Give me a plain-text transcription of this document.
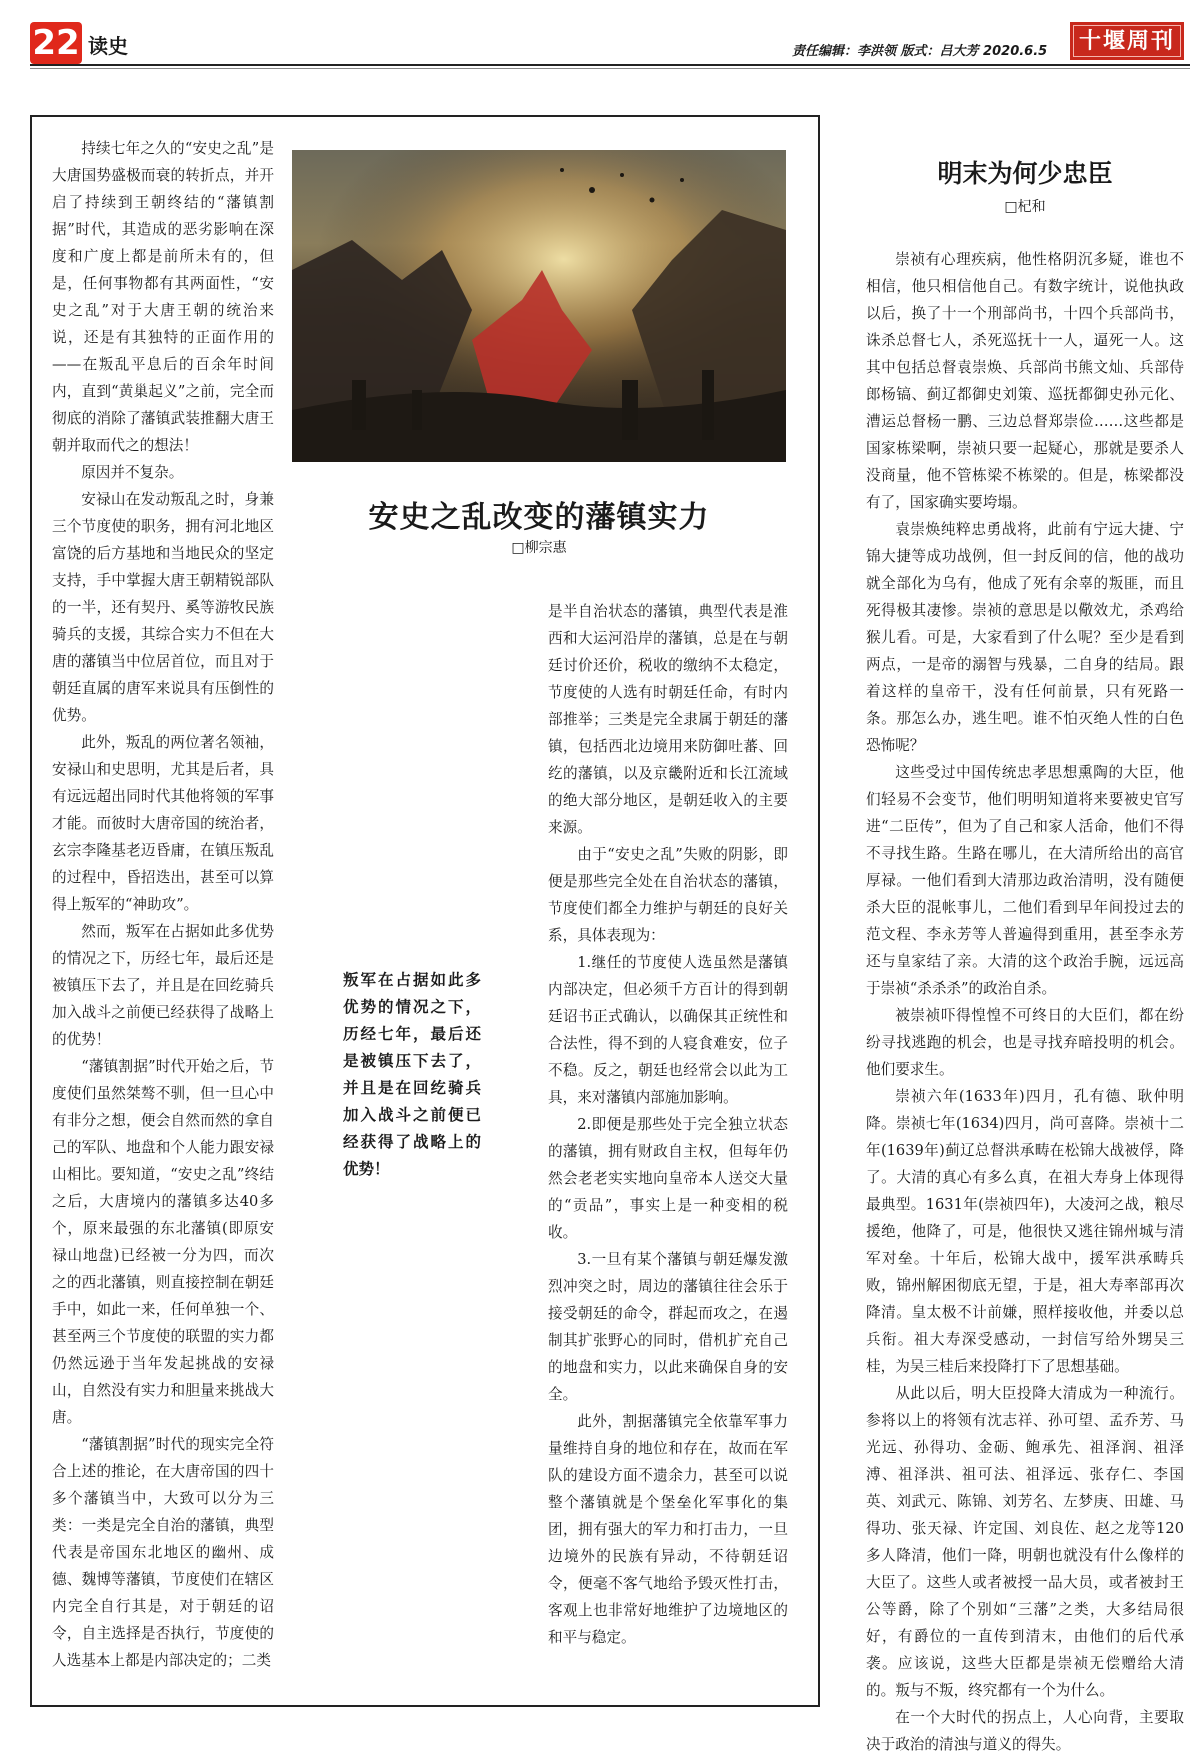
22 读史	责任编辑：李洪领 版式：吕大芳 2020.6.5	十堰周刊

持续七年之久的“安史之乱”是大唐国势盛极而衰的转折点，并开启了持续到王朝终结的“藩镇割据”时代，其造成的恶劣影响在深度和广度上都是前所未有的，但是，任何事物都有其两面性，“安史之乱”对于大唐王朝的统治来说，还是有其独特的正面作用的——在叛乱平息后的百余年时间内，直到“黄巢起义”之前，完全而彻底的消除了藩镇武装推翻大唐王朝并取而代之的想法！

原因并不复杂。

安禄山在发动叛乱之时，身兼三个节度使的职务，拥有河北地区富饶的后方基地和当地民众的坚定支持，手中掌握大唐王朝精锐部队的一半，还有契丹、奚等游牧民族骑兵的支援，其综合实力不但在大唐的藩镇当中位居首位，而且对于朝廷直属的唐军来说具有压倒性的优势。

此外，叛乱的两位著名领袖，安禄山和史思明，尤其是后者，具有远远超出同时代其他将领的军事才能。而彼时大唐帝国的统治者，玄宗李隆基老迈昏庸，在镇压叛乱的过程中，昏招迭出，甚至可以算得上叛军的“神助攻”。

然而，叛军在占据如此多优势的情况之下，历经七年，最后还是被镇压下去了，并且是在回纥骑兵加入战斗之前便已经获得了战略上的优势！

“藩镇割据”时代开始之后，节度使们虽然桀骜不驯，但一旦心中有非分之想，便会自然而然的拿自己的军队、地盘和个人能力跟安禄山相比。要知道，“安史之乱”终结之后，大唐境内的藩镇多达40多个，原来最强的东北藩镇(即原安禄山地盘)已经被一分为四，而次之的西北藩镇，则直接控制在朝廷手中，如此一来，任何单独一个、甚至两三个节度使的联盟的实力都仍然远逊于当年发起挑战的安禄山，自然没有实力和胆量来挑战大唐。

“藩镇割据”时代的现实完全符合上述的推论，在大唐帝国的四十多个藩镇当中，大致可以分为三类：一类是完全自治的藩镇，典型代表是帝国东北地区的幽州、成德、魏博等藩镇，节度使们在辖区内完全自行其是，对于朝廷的诏令，自主选择是否执行，节度使的人选基本上都是内部决定的；二类

安史之乱改变的藩镇实力
□柳宗惠
叛军在占据如此多优势的情况之下，历经七年，最后还是被镇压下去了，并且是在回纥骑兵加入战斗之前便已经获得了战略上的优势！

是半自治状态的藩镇，典型代表是淮西和大运河沿岸的藩镇，总是在与朝廷讨价还价，税收的缴纳不太稳定，节度使的人选有时朝廷任命，有时内部推举；三类是完全隶属于朝廷的藩镇，包括西北边境用来防御吐蕃、回纥的藩镇，以及京畿附近和长江流域的绝大部分地区，是朝廷收入的主要来源。

由于“安史之乱”失败的阴影，即便是那些完全处在自治状态的藩镇，节度使们都全力维护与朝廷的良好关系，具体表现为：

1.继任的节度使人选虽然是藩镇内部决定，但必须千方百计的得到朝廷诏书正式确认，以确保其正统性和合法性，得不到的人寝食难安，位子不稳。反之，朝廷也经常会以此为工具，来对藩镇内部施加影响。

2.即便是那些处于完全独立状态的藩镇，拥有财政自主权，但每年仍然会老老实实地向皇帝本人送交大量的“贡品”，事实上是一种变相的税收。

3.一旦有某个藩镇与朝廷爆发激烈冲突之时，周边的藩镇往往会乐于接受朝廷的命令，群起而攻之，在遏制其扩张野心的同时，借机扩充自己的地盘和实力，以此来确保自身的安全。

此外，割据藩镇完全依靠军事力量维持自身的地位和存在，故而在军队的建设方面不遗余力，甚至可以说整个藩镇就是个堡垒化军事化的集团，拥有强大的军力和打击力，一旦边境外的民族有异动，不待朝廷诏令，便毫不客气地给予毁灭性打击，客观上也非常好地维护了边境地区的和平与稳定。

明末为何少忠臣
□杞和

崇祯有心理疾病，他性格阴沉多疑，谁也不相信，他只相信他自己。有数字统计，说他执政以后，换了十一个刑部尚书，十四个兵部尚书，诛杀总督七人，杀死巡抚十一人，逼死一人。这其中包括总督袁崇焕、兵部尚书熊文灿、兵部侍郎杨镐、蓟辽都御史刘策、巡抚都御史孙元化、漕运总督杨一鹏、三边总督郑崇俭……这些都是国家栋梁啊，崇祯只要一起疑心，那就是要杀人没商量，他不管栋梁不栋梁的。但是，栋梁都没有了，国家确实要垮塌。

袁崇焕纯粹忠勇战将，此前有宁远大捷、宁锦大捷等成功战例，但一封反间的信，他的战功就全部化为乌有，他成了死有余辜的叛匪，而且死得极其凄惨。崇祯的意思是以儆效尤，杀鸡给猴儿看。可是，大家看到了什么呢？至少是看到两点，一是帝的溺智与残暴，二自身的结局。跟着这样的皇帝干，没有任何前景，只有死路一条。那怎么办，逃生吧。谁不怕灭绝人性的白色恐怖呢？

这些受过中国传统忠孝思想熏陶的大臣，他们轻易不会变节，他们明明知道将来要被史官写进“二臣传”，但为了自己和家人活命，他们不得不寻找生路。生路在哪儿，在大清所给出的高官厚禄。一他们看到大清那边政治清明，没有随便杀大臣的混帐事儿，二他们看到早年间投过去的范文程、李永芳等人普遍得到重用，甚至李永芳还与皇家结了亲。大清的这个政治手腕，远远高于崇祯“杀杀杀”的政治自杀。

被崇祯吓得惶惶不可终日的大臣们，都在纷纷寻找逃跑的机会，也是寻找弃暗投明的机会。他们要求生。

崇祯六年(1633年)四月，孔有德、耿仲明降。崇祯七年(1634)四月，尚可喜降。崇祯十二年(1639年)蓟辽总督洪承畴在松锦大战被俘，降了。大清的真心有多么真，在祖大寿身上体现得最典型。1631年(崇祯四年)，大凌河之战，粮尽援绝，他降了，可是，他很快又逃往锦州城与清军对垒。十年后，松锦大战中，援军洪承畴兵败，锦州解困彻底无望，于是，祖大寿率部再次降清。皇太极不计前嫌，照样接收他，并委以总兵衔。祖大寿深受感动，一封信写给外甥吴三桂，为吴三桂后来投降打下了思想基础。

从此以后，明大臣投降大清成为一种流行。参将以上的将领有沈志祥、孙可望、孟乔芳、马光远、孙得功、金砺、鲍承先、祖泽润、祖泽溥、祖泽洪、祖可法、祖泽远、张存仁、李国英、刘武元、陈锦、刘芳名、左梦庚、田雄、马得功、张天禄、许定国、刘良佐、赵之龙等120多人降清，他们一降，明朝也就没有什么像样的大臣了。这些人或者被授一品大员，或者被封王公等爵，除了个别如“三藩”之类，大多结局很好，有爵位的一直传到清末，由他们的后代承袭。应该说，这些大臣都是崇祯无偿赠给大清的。叛与不叛，终究都有一个为什么。

在一个大时代的拐点上，人心向背，主要取决于政治的清浊与道义的得失。
